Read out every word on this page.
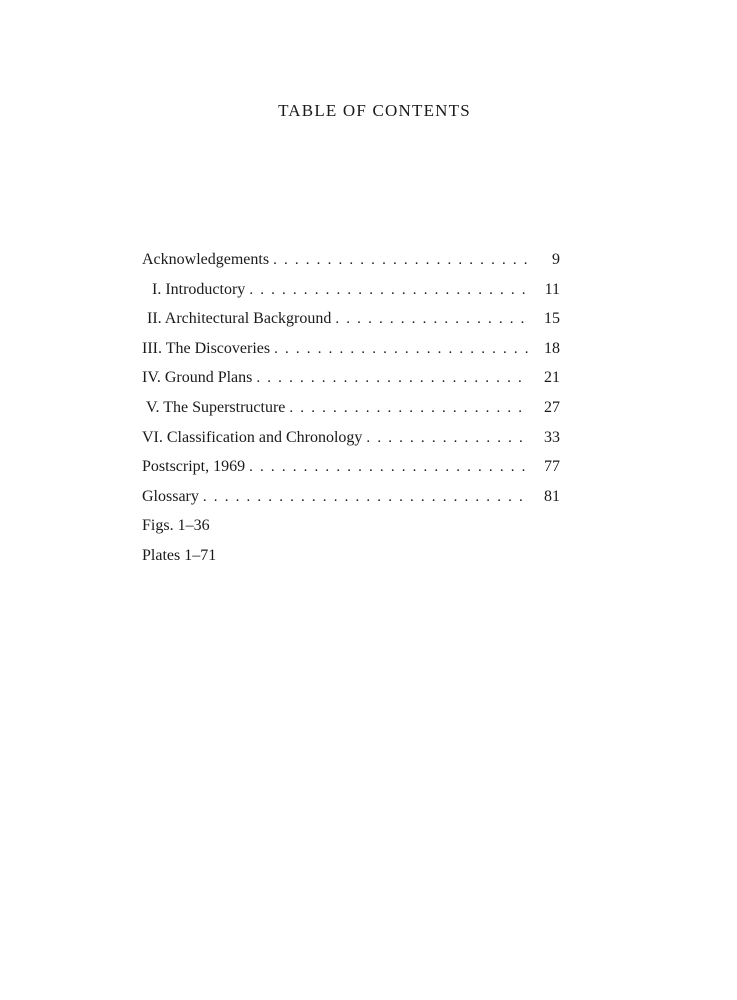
TABLE OF CONTENTS
Acknowledgements . . .	9
I. Introductory . . .	11
II. Architectural Background . . .	15
III. The Discoveries . . .	18
IV. Ground Plans . . .	21
V. The Superstructure . . .	27
VI. Classification and Chronology . . .	33
Postscript, 1969 . . .	77
Glossary . . .	81
Figs. 1–36
Plates 1–71
